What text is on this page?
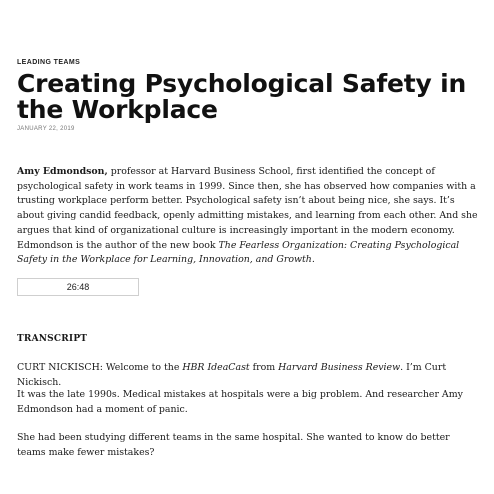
LEADING TEAMS
Creating Psychological Safety in the Workplace
JANUARY 22, 2019

Amy Edmondson, professor at Harvard Business School, first identified the concept of psychological safety in work teams in 1999. Since then, she has observed how companies with a trusting workplace perform better. Psychological safety isn’t about being nice, she says. It’s about giving candid feedback, openly admitting mistakes, and learning from each other. And she argues that kind of organizational culture is increasingly important in the modern economy. Edmondson is the author of the new book The Fearless Organization: Creating Psychological Safety in the Workplace for Learning, Innovation, and Growth.

26:48
TRANSCRIPT

CURT NICKISCH: Welcome to the HBR IdeaCast from Harvard Business Review. I’m Curt Nickisch.

It was the late 1990s. Medical mistakes at hospitals were a big problem. And researcher Amy Edmondson had a moment of panic.

She had been studying different teams in the same hospital. She wanted to know do better teams make fewer mistakes?
